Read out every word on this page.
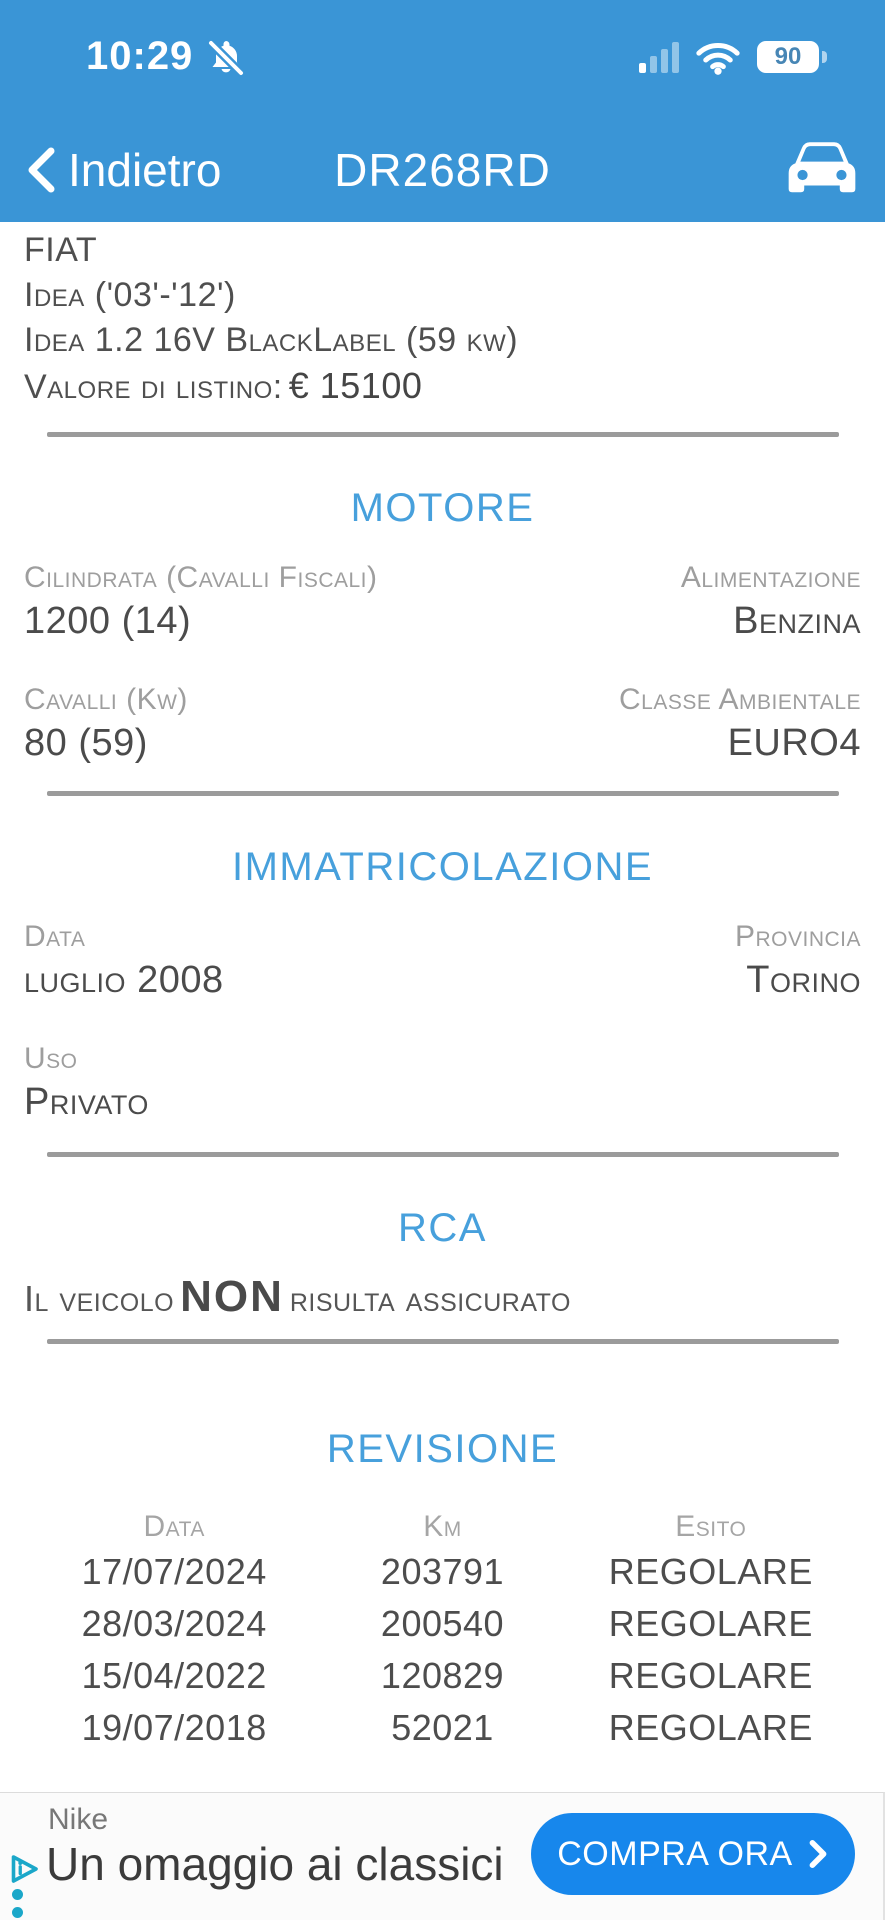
10:29	90
Indietro DR268RD
FIAT
Idea ('03'-'12')
Idea 1.2 16V BlackLabel (59 kw)
Valore di listino: € 15100
MOTORE
Cilindrata (Cavalli Fiscali)
1200 (14)
Alimentazione
Benzina
Cavalli (Kw)
80 (59)
Classe Ambientale
EURO4
IMMATRICOLAZIONE
Data
luglio 2008
Provincia
Torino
Uso
Privato
RCA
Il veicolo NON risulta assicurato
REVISIONE
Data	Km	Esito
17/07/2024	203791	REGOLARE
28/03/2024	200540	REGOLARE
15/04/2022	120829	REGOLARE
19/07/2018	52021	REGOLARE
Nike
Un omaggio ai classici COMPRA ORA
